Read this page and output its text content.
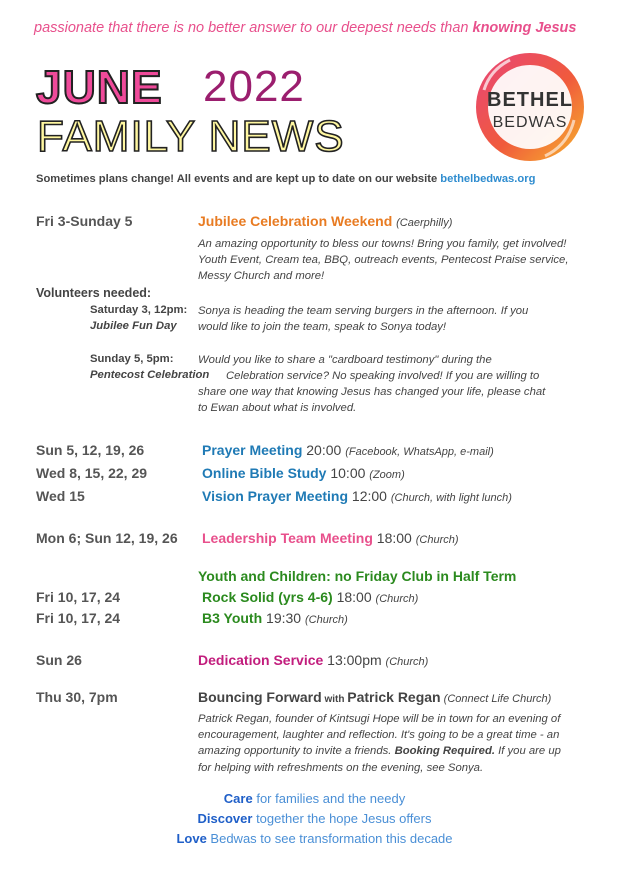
passionate that there is no better answer to our deepest needs than knowing Jesus
JUNE 2022
FAMILY NEWS
BETHEL
BEDWAS
Sometimes plans change! All events and are kept up to date on our website bethelbedwas.org
Fri 3-Sunday 5	Jubilee Celebration Weekend (Caerphilly)
An amazing opportunity to bless our towns! Bring you family, get involved!
Youth Event, Cream tea, BBQ, outreach events, Pentecost Praise service,
Messy Church and more!
Volunteers needed:
Saturday 3, 12pm:
Jubilee Fun Day
Sonya is heading the team serving burgers in the afternoon. If you
would like to join the team, speak to Sonya today!
Sunday 5, 5pm:
Pentecost Celebration
Would you like to share a "cardboard testimony" during the
Celebration service? No speaking involved! If you are willing to
share one way that knowing Jesus has changed your life, please chat
to Ewan about what is involved.
Sun 5, 12, 19, 26	Prayer Meeting 20:00 (Facebook, WhatsApp, e-mail)
Wed 8, 15, 22, 29	Online Bible Study 10:00 (Zoom)
Wed 15	Vision Prayer Meeting 12:00 (Church, with light lunch)
Mon 6; Sun 12, 19, 26 Leadership Team Meeting 18:00 (Church)
Youth and Children: no Friday Club in Half Term
Fri 10, 17, 24	Rock Solid (yrs 4-6) 18:00 (Church)
Fri 10, 17, 24	B3 Youth 19:30 (Church)
Sun 26	Dedication Service 13:00pm (Church)
Thu 30, 7pm	Bouncing Forward with Patrick Regan (Connect Life Church)
Patrick Regan, founder of Kintsugi Hope will be in town for an evening of
encouragement, laughter and reflection. It's going to be a great time - an
amazing opportunity to invite a friends. Booking Required. If you are up
for helping with refreshments on the evening, see Sonya.
Care for families and the needy
Discover together the hope Jesus offers
Love Bedwas to see transformation this decade
